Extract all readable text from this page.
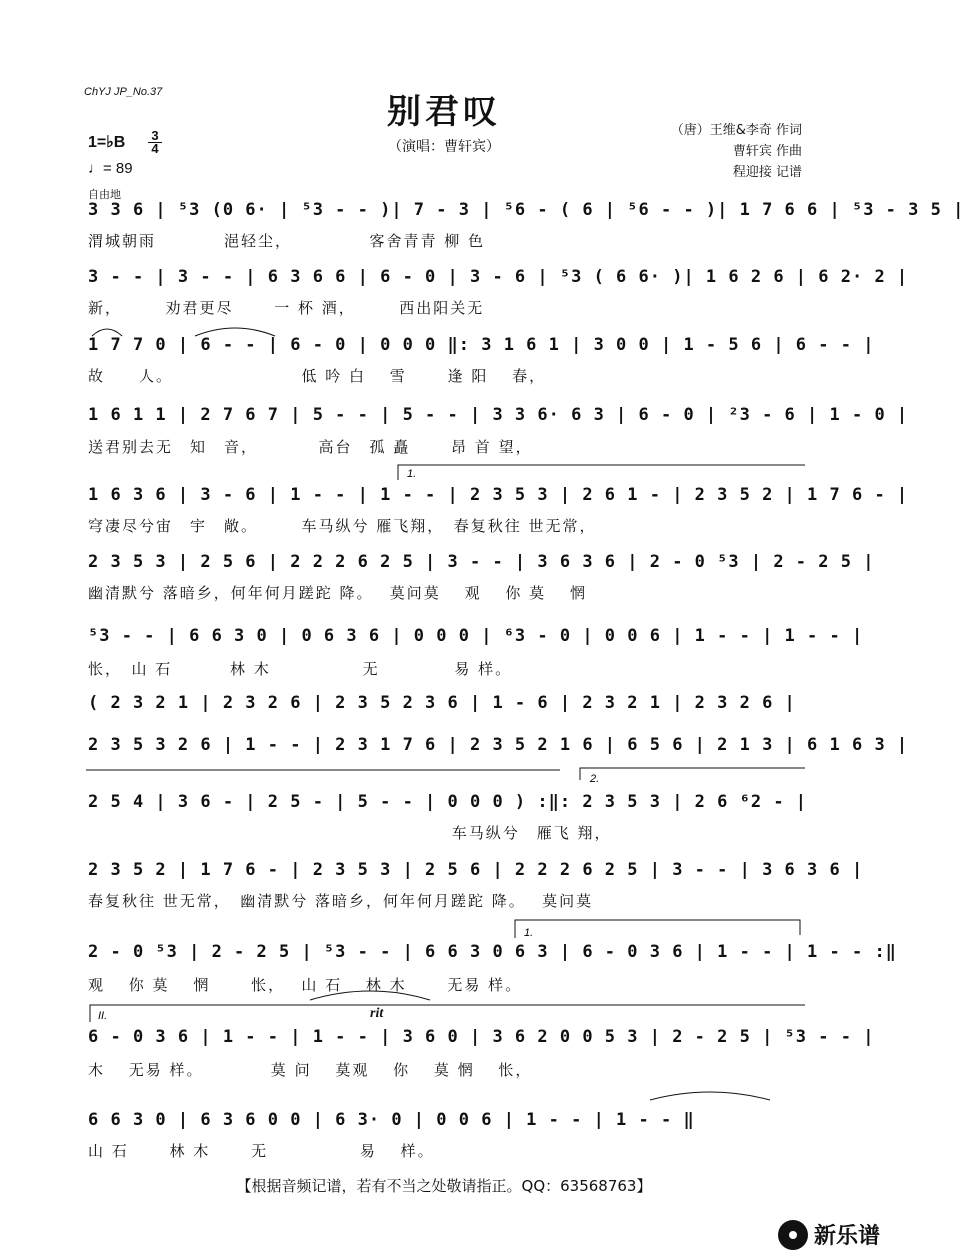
ChYJ JP_No.37	别君叹
（演唱：曹轩宾）
1=♭B 3
4
♩= 89
（唐）王维&李奇 作词
曹轩宾 作曲
程迎接 记谱
自由地
3 3 6 | ⁵3 (0 6· | ⁵3 - - )| 7 - 3 | ⁵6 - ( 6 | ⁵6 - - )| 1 7 6 6 | ⁵3 - 3 5 |
渭城朝雨　　　　浥轻尘，　　　　　客舍青青 柳 色
3 - - | 3 - - | 6 3 6 6 | 6 - 0 | 3 - 6 | ⁵3 ( 6 6· )| 1 6 2 6 | 6 2· 2 |
新，　　　劝君更尽　　 一 杯 酒，　　　西出阳关无
1 7 7 0 | 6 - - | 6 - 0 | 0 0 0 ‖: 3 1 6 1 | 3 0 0 | 1 - 5 6 | 6 - - |
故　　人。　　　　　　　　低 吟 白　 雪　　 逢 阳　 春，
1 6 1 1 | 2 7 6 7 | 5 - - | 5 - - | 3 3 6· 6 3 | 6 - 0 | ²3 - 6 | 1 - 0 |
送君别去无　知　音，　　　　高台　孤 矗　　 昂 首 望，
1 6 3 6 | 3 - 6 | 1 - - | 1 - - | 2 3 5 3 | 2 6 1 - | 2 3 5 2 | 1 7 6 - |
穹凄尽兮宙　宇　敞。　　　车马纵兮 雁飞翔，　春复秋往 世无常，
2 3 5 3 | 2 5 6 | 2 2 2 6 2 5 | 3 - - | 3 6 3 6 | 2 - 0 ⁵3 | 2 - 2 5 |
幽清默兮 落暗乡，何年何月蹉跎 降。　 莫问莫　 观　 你 莫　 惘
⁵3 - - | 6 6 3 0 | 0 6 3 6 | 0 0 0 | ⁶3 - 0 | 0 0 6 | 1 - - | 1 - - |
怅，　山 石　　　 林 木　　　　　 无　　　　 易 样。
( 2 3 2 1 | 2 3 2 6 | 2 3 5 2 3 6 | 1 - 6 | 2 3 2 1 | 2 3 2 6 |
2 3 5 3 2 6 | 1 - - | 2 3 1 7 6 | 2 3 5 2 1 6 | 6 5 6 | 2 1 3 | 6 1 6 3 |
2 5 4 | 3 6 - | 2 5 - | 5 - - | 0 0 0 ) :‖: 2 3 5 3 | 2 6 ⁶2 - |
　　　　　　　　　　　　　　　　　　　　　 车马纵兮　雁飞 翔，
2 3 5 2 | 1 7 6 - | 2 3 5 3 | 2 5 6 | 2 2 2 6 2 5 | 3 - - | 3 6 3 6 |
春复秋往 世无常，　幽清默兮 落暗乡，何年何月蹉跎 降。　 莫问莫
2 - 0 ⁵3 | 2 - 2 5 | ⁵3 - - | 6 6 3 0 6 3 | 6 - 0 3 6 | 1 - - | 1 - - :‖
观　 你 莫　 惘　　 怅，　 山 石　 林 木　　 无易 样。
6 - 0 3 6 | 1 - - | 1 - - | 3 6 0 | 3 6 2 0 0 5 3 | 2 - 2 5 | ⁵3 - - |
木　 无易 样。　　　　 莫 问　 莫观　 你　 莫 惘　 怅，
6 6 3 0 | 6 3 6 0 0 | 6 3· 0 | 0 0 6 | 1 - - | 1 - - ‖
山 石　　 林 木　　 无　　　　　 易　 样。
rit
1.
2.
1.
II.
【根据音频记谱，若有不当之处敬请指正。QQ：63568763】
新乐谱
